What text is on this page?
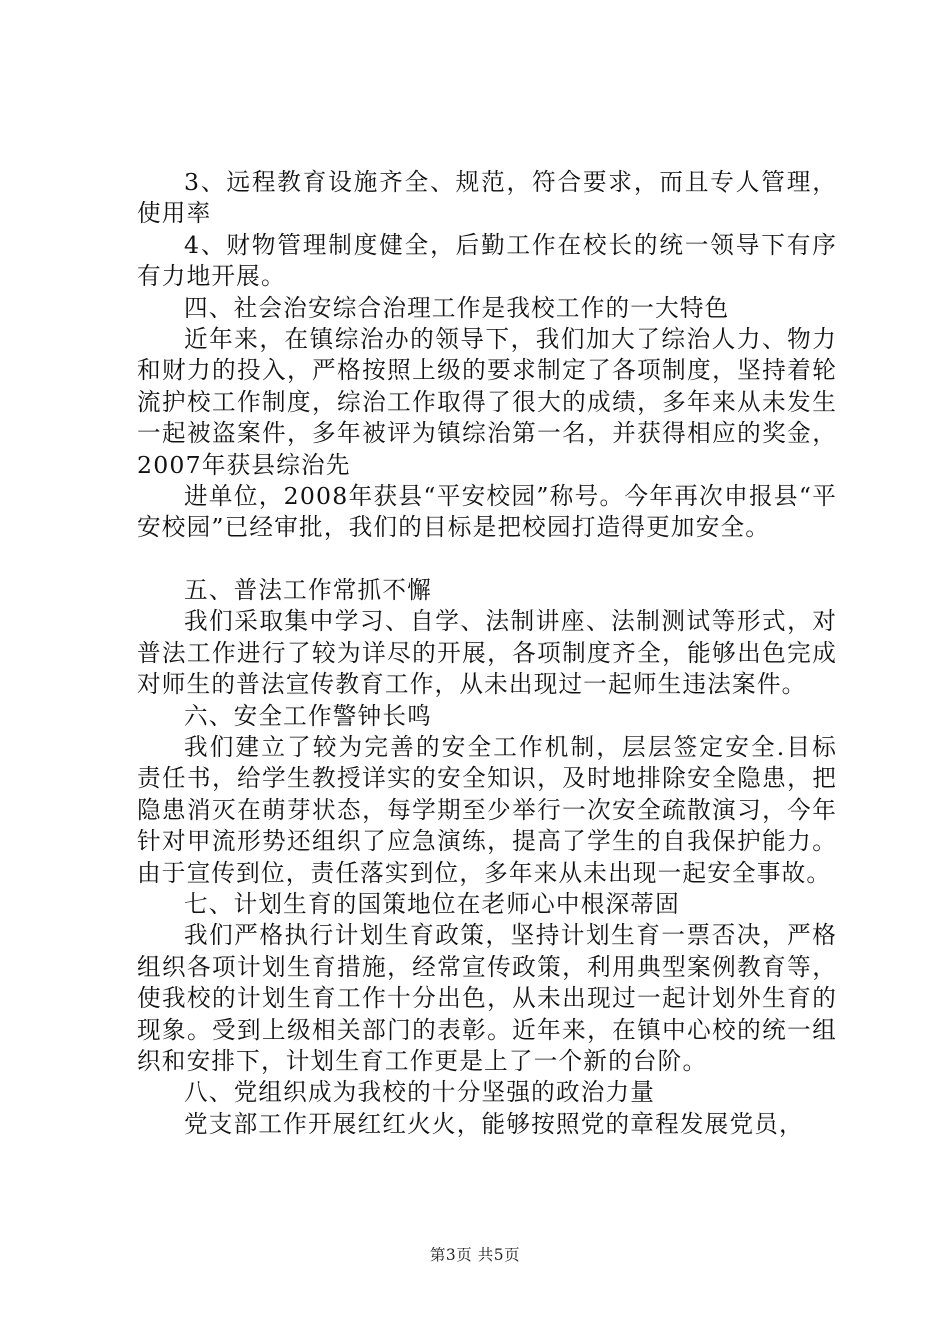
3、远程教育设施齐全、规范，符合要求，而且专人管理，使用率

4、财物管理制度健全，后勤工作在校长的统一领导下有序有力地开展。

四、社会治安综合治理工作是我校工作的一大特色

近年来，在镇综治办的领导下，我们加大了综治人力、物力和财力的投入，严格按照上级的要求制定了各项制度，坚持着轮流护校工作制度，综治工作取得了很大的成绩，多年来从未发生一起被盗案件，多年被评为镇综治第一名，并获得相应的奖金，2007年获县综治先

进单位，2008年获县“平安校园”称号。今年再次申报县“平安校园”已经审批，我们的目标是把校园打造得更加安全。

五、普法工作常抓不懈

我们采取集中学习、自学、法制讲座、法制测试等形式，对普法工作进行了较为详尽的开展，各项制度齐全，能够出色完成对师生的普法宣传教育工作，从未出现过一起师生违法案件。

六、安全工作警钟长鸣

我们建立了较为完善的安全工作机制，层层签定安全.目标责任书，给学生教授详实的安全知识，及时地排除安全隐患，把隐患消灭在萌芽状态，每学期至少举行一次安全疏散演习，今年针对甲流形势还组织了应急演练，提高了学生的自我保护能力。由于宣传到位，责任落实到位，多年来从未出现一起安全事故。

七、计划生育的国策地位在老师心中根深蒂固

我们严格执行计划生育政策，坚持计划生育一票否决，严格组织各项计划生育措施，经常宣传政策，利用典型案例教育等，使我校的计划生育工作十分出色，从未出现过一起计划外生育的现象。受到上级相关部门的表彰。近年来，在镇中心校的统一组织和安排下，计划生育工作更是上了一个新的台阶。

八、党组织成为我校的十分坚强的政治力量

党支部工作开展红红火火，能够按照党的章程发展党员，

第3页 共5页
